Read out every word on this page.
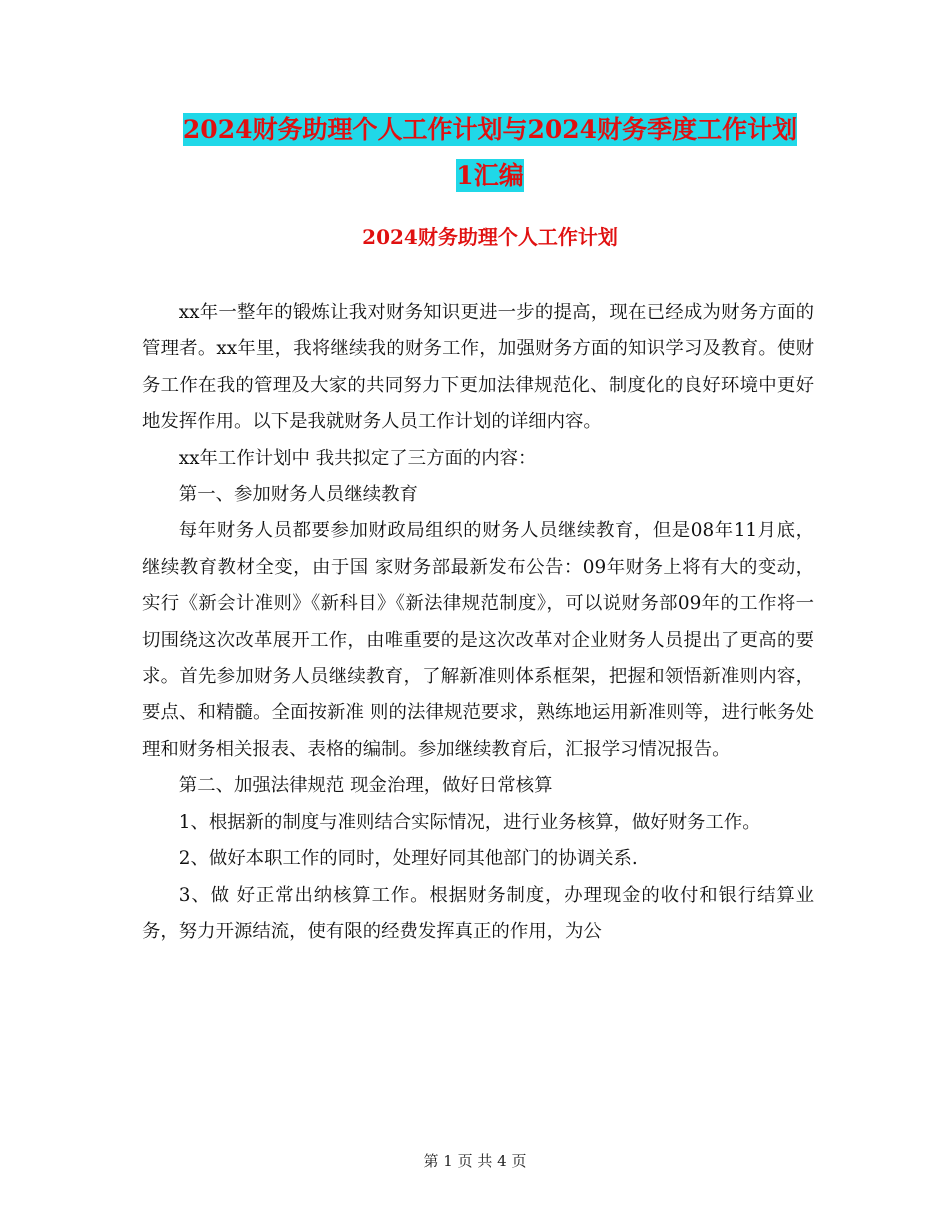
2024财务助理个人工作计划与2024财务季度工作计划
1汇编
2024财务助理个人工作计划

xx年一整年的锻炼让我对财务知识更进一步的提高，现在已经成为财务方面的管理者。xx年里，我将继续我的财务工作，加强财务方面的知识学习及教育。使财务工作在我的管理及大家的共同努力下更加法律规范化、制度化的良好环境中更好地发挥作用。以下是我就财务人员工作计划的详细内容。

xx年工作计划中 我共拟定了三方面的内容：

第一、参加财务人员继续教育

每年财务人员都要参加财政局组织的财务人员继续教育，但是08年11月底，继续教育教材全变，由于国 家财务部最新发布公告：09年财务上将有大的变动，实行《新会计准则》《新科目》《新法律规范制度》，可以说财务部09年的工作将一切围绕这次改革展开工作，由唯重要的是这次改革对企业财务人员提出了更高的要求。首先参加财务人员继续教育，了解新准则体系框架，把握和领悟新准则内容，要点、和精髓。全面按新准 则的法律规范要求，熟练地运用新准则等，进行帐务处理和财务相关报表、表格的编制。参加继续教育后，汇报学习情况报告。

第二、加强法律规范 现金治理，做好日常核算

1、根据新的制度与准则结合实际情况，进行业务核算，做好财务工作。

2、做好本职工作的同时，处理好同其他部门的协调关系.

3、做 好正常出纳核算工作。根据财务制度，办理现金的收付和银行结算业务，努力开源结流，使有限的经费发挥真正的作用，为公

第 1 页 共 4 页
